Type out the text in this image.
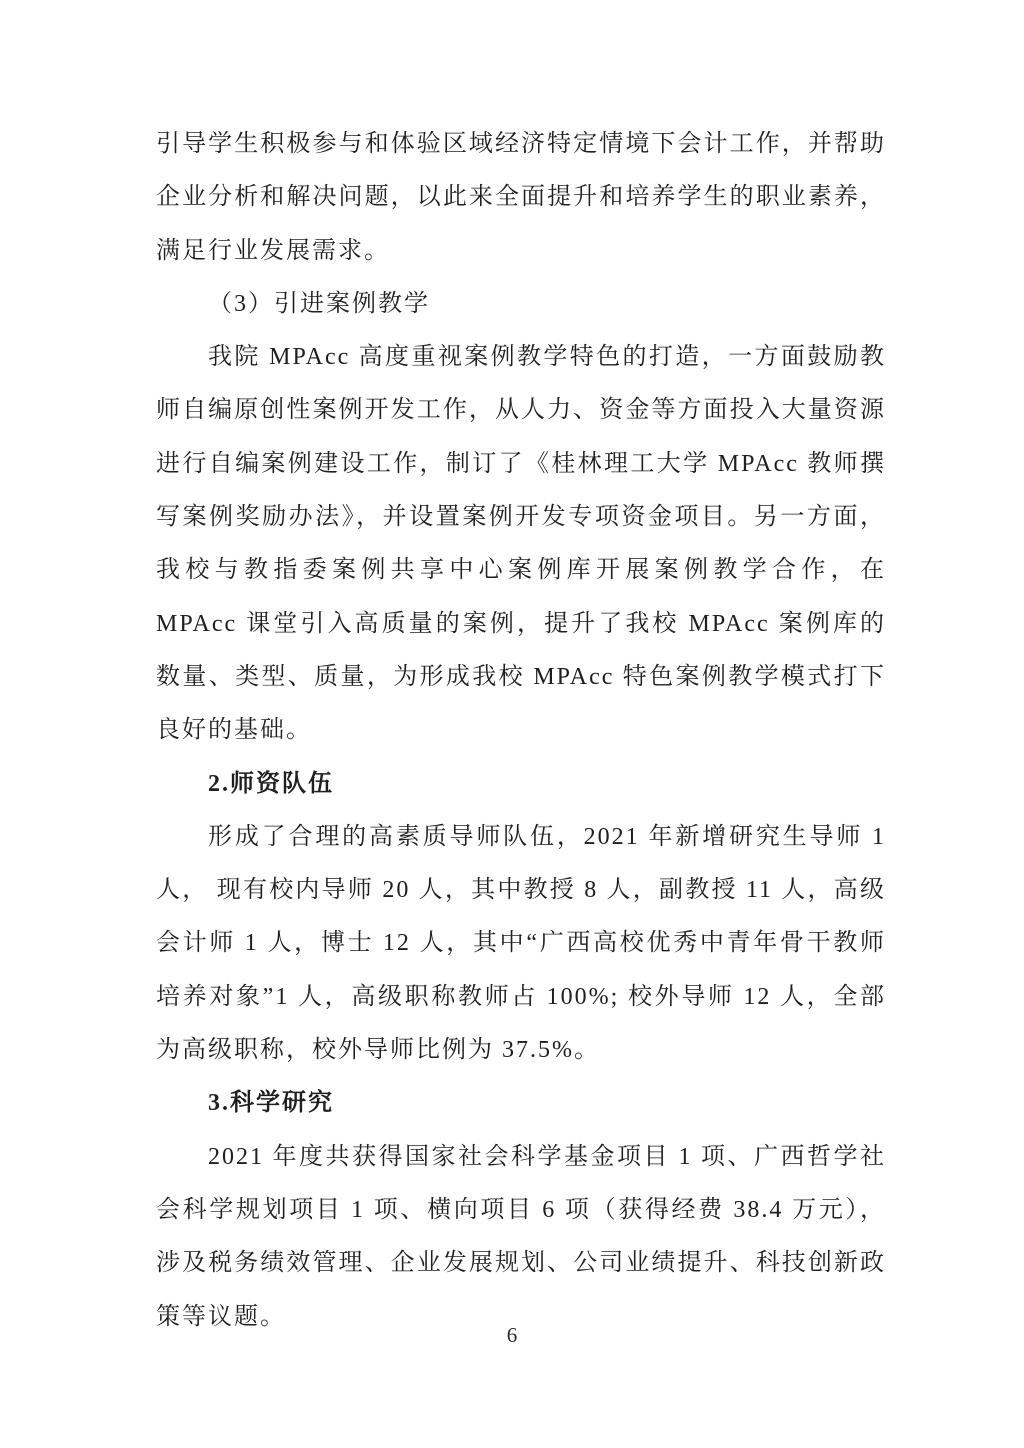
引导学生积极参与和体验区域经济特定情境下会计工作，并帮助企业分析和解决问题，以此来全面提升和培养学生的职业素养，满足行业发展需求。

（3）引进案例教学

我院 MPAcc 高度重视案例教学特色的打造，一方面鼓励教师自编原创性案例开发工作，从人力、资金等方面投入大量资源进行自编案例建设工作，制订了《桂林理工大学 MPAcc 教师撰写案例奖励办法》，并设置案例开发专项资金项目。另一方面，我校与教指委案例共享中心案例库开展案例教学合作，在 MPAcc 课堂引入高质量的案例，提升了我校 MPAcc 案例库的数量、类型、质量，为形成我校 MPAcc 特色案例教学模式打下良好的基础。

2.师资队伍

形成了合理的高素质导师队伍，2021 年新增研究生导师 1 人， 现有校内导师 20 人，其中教授 8 人，副教授 11 人，高级会计师 1 人，博士 12 人，其中“广西高校优秀中青年骨干教师培养对象”1 人，高级职称教师占 100%; 校外导师 12 人，全部为高级职称，校外导师比例为 37.5%。

3.科学研究

2021 年度共获得国家社会科学基金项目 1 项、广西哲学社会科学规划项目 1 项、横向项目 6 项（获得经费 38.4 万元），涉及税务绩效管理、企业发展规划、公司业绩提升、科技创新政策等议题。

6
